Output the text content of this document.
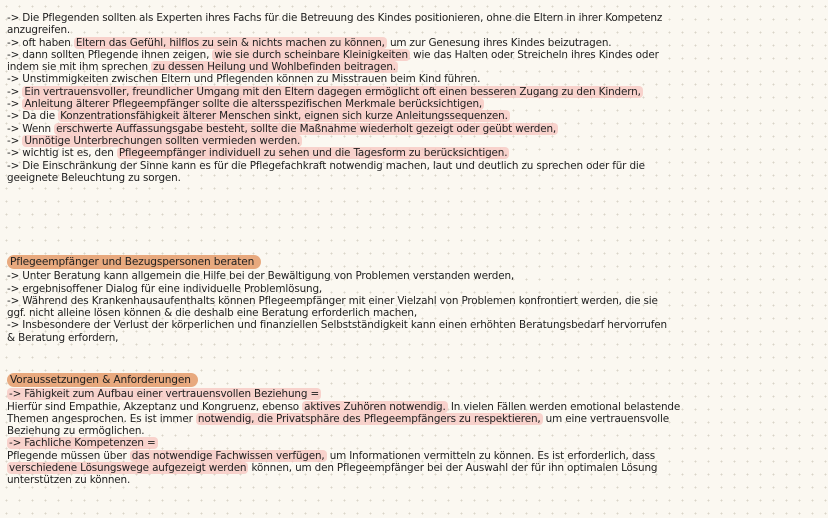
-> Die Pflegenden sollten als Experten ihres Fachs für die Betreuung des Kindes positionieren, ohne die Eltern in ihrer Kompetenz
anzugreifen.
-> oft haben Eltern das Gefühl, hilflos zu sein & nichts machen zu können, um zur Genesung ihres Kindes beizutragen.
-> dann sollten Pflegende ihnen zeigen, wie sie durch scheinbare Kleinigkeiten wie das Halten oder Streicheln ihres Kindes oder
indem sie mit ihm sprechen zu dessen Heilung und Wohlbefinden beitragen.
-> Unstimmigkeiten zwischen Eltern und Pflegenden können zu Misstrauen beim Kind führen.
-> Ein vertrauensvoller, freundlicher Umgang mit den Eltern dagegen ermöglicht oft einen besseren Zugang zu den Kindern,
-> Anleitung älterer Pflegeempfänger sollte die altersspezifischen Merkmale berücksichtigen,
-> Da die Konzentrationsfähigkeit älterer Menschen sinkt, eignen sich kurze Anleitungssequenzen.
-> Wenn erschwerte Auffassungsgabe besteht, sollte die Maßnahme wiederholt gezeigt oder geübt werden,
-> Unnötige Unterbrechungen sollten vermieden werden.
-> wichtig ist es, den Pflegeempfänger individuell zu sehen und die Tagesform zu berücksichtigen.
-> Die Einschränkung der Sinne kann es für die Pflegefachkraft notwendig machen, laut und deutlich zu sprechen oder für die
geeignete Beleuchtung zu sorgen.
Pflegeempfänger und Bezugspersonen beraten
-> Unter Beratung kann allgemein die Hilfe bei der Bewältigung von Problemen verstanden werden,
-> ergebnisoffener Dialog für eine individuelle Problemlösung,
-> Während des Krankenhausaufenthalts können Pflegeempfänger mit einer Vielzahl von Problemen konfrontiert werden, die sie
ggf. nicht alleine lösen können & die deshalb eine Beratung erforderlich machen,
-> Insbesondere der Verlust der körperlichen und finanziellen Selbstständigkeit kann einen erhöhten Beratungsbedarf hervorrufen
& Beratung erfordern,
Voraussetzungen & Anforderungen
-> Fähigkeit zum Aufbau einer vertrauensvollen Beziehung =
Hierfür sind Empathie, Akzeptanz und Kongruenz, ebenso aktives Zuhören notwendig. In vielen Fällen werden emotional belastende
Themen angesprochen. Es ist immer notwendig, die Privatsphäre des Pflegeempfängers zu respektieren, um eine vertrauensvolle
Beziehung zu ermöglichen.
-> Fachliche Kompetenzen =
Pflegende müssen über das notwendige Fachwissen verfügen, um Informationen vermitteln zu können. Es ist erforderlich, dass
verschiedene Lösungswege aufgezeigt werden können, um den Pflegeempfänger bei der Auswahl der für ihn optimalen Lösung
unterstützen zu können.
